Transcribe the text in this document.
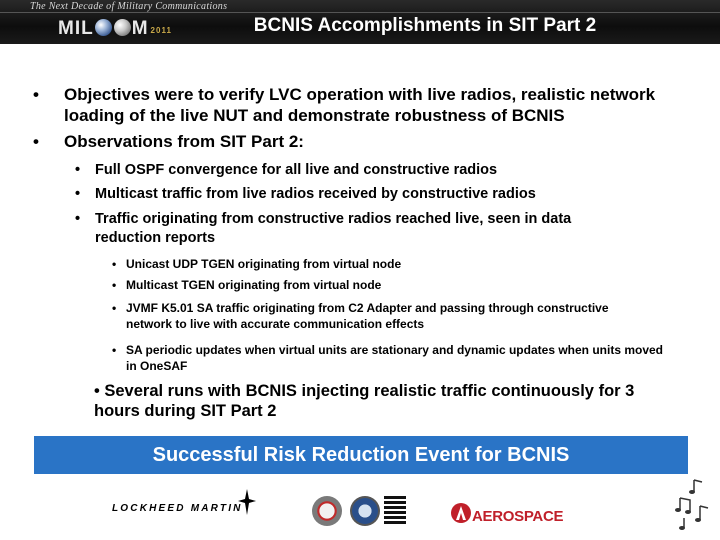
The Next Decade of Military Communications
MIL M 2011	BCNIS Accomplishments in SIT Part 2
• Objectives were to verify LVC operation with live radios, realistic network loading of the live NUT and demonstrate robustness of BCNIS
• Observations from SIT Part 2:
• Full OSPF convergence for all live and constructive radios
• Multicast traffic from live radios received by constructive radios
• Traffic originating from constructive radios reached live, seen in data reduction reports
• Unicast UDP TGEN originating from virtual node
• Multicast TGEN originating from virtual node
• JVMF K5.01 SA traffic originating from C2 Adapter and passing through constructive network to live with accurate communication effects
• SA periodic updates when virtual units are stationary and dynamic updates when units moved in OneSAF
• Several runs with BCNIS injecting realistic traffic continuously for 3 hours during SIT Part 2
Successful Risk Reduction Event for BCNIS
LOCKHEED MARTIN	AEROSPACE
